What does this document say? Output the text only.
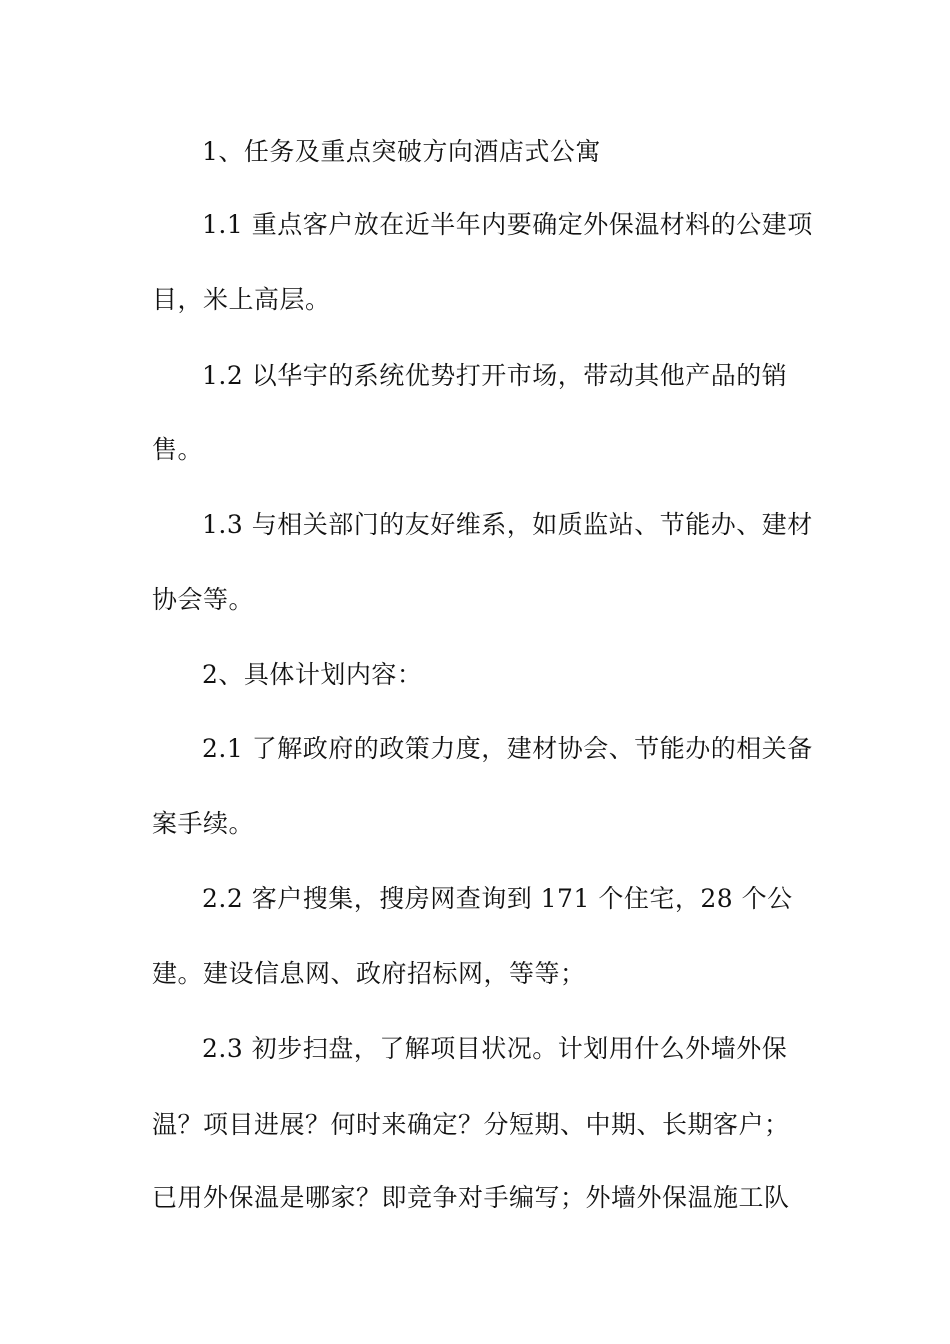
1、任务及重点突破方向酒店式公寓
1.1 重点客户放在近半年内要确定外保温材料的公建项
目，米上高层。
1.2 以华宇的系统优势打开市场，带动其他产品的销
售。
1.3 与相关部门的友好维系，如质监站、节能办、建材
协会等。
2、具体计划内容：
2.1 了解政府的政策力度，建材协会、节能办的相关备
案手续。
2.2 客户搜集，搜房网查询到 171 个住宅，28 个公
建。建设信息网、政府招标网，等等；
2.3 初步扫盘，了解项目状况。计划用什么外墙外保
温？项目进展？何时来确定？分短期、中期、长期客户；
已用外保温是哪家？即竞争对手编写；外墙外保温施工队
